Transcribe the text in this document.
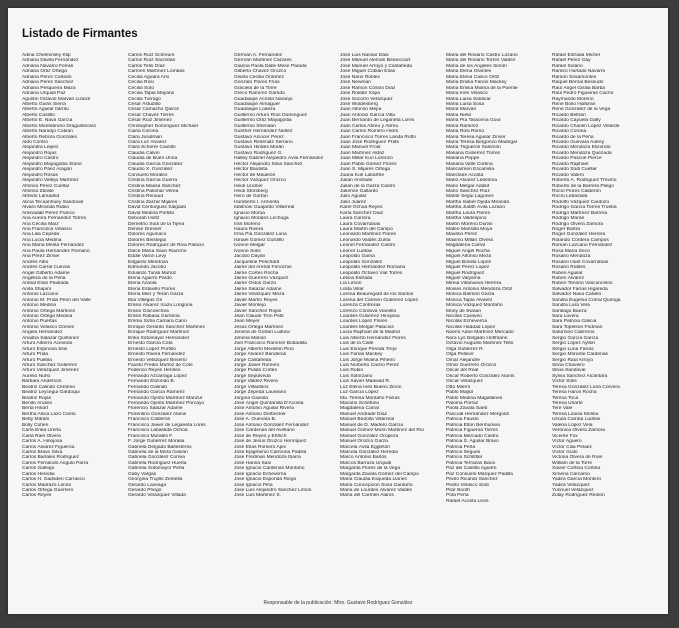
Listado de Firmantes
Adina Chelminsky Klip
Adriana Dávila Fernández
Adriana Navarro Ferrari
Adriana Ortiz Ortega
Adriana Pérez Cañedo
Adriana Pérez Sánchez
Adriana Pesqueira Maza
Adriana Urquidi Paz
Agustín Octavio Marván Lizardi
Alberto Guiris Sierra
Alberto Aguilar Ilarritu
Alberto Castillo
Alberto E. Nava García
Alberto Montebruno Dragustinovis
Alberto Naranjo Cobián
Alberto Rebora Gonzáles
Aldo Contró
Alejandra Leipez
Alejandro Rojas
Alejandro Castro
Alejandro Mayagoitia Stone
Alejandro Páez Aragón
Alejandro Rosas
Alejandro Vallejo Martínez
Alfonso Pérez Cuéllar
Alfonso Zárate
Alfredo Lamadrid
Alicia Tecuanhuey Sandoval
Alvaro Miranda Rubio
Aminadab Pérez Franco
Ana Aurora Fernández Torres
Ana Cecilia Maíz
Ana Francisca Velasco
Ana Lilia Cepeda
Ana Lucía Medina
Ana María Mesta Fernández
Ana Paula Hernández Romano
Ana Pérez Zinser
Andrés Albo
Andrés Carral Cuevas
Ángel Gilberto Adame
Angélica de la Peña
Aníbal Elías Paullada
Anita Shapiro
Antonio Lazcano
Antonio M. Prida Peón del Valle
Antonio Medina
Antonio Ortega Martínez
Antonio Ortega Medina
Antonio Puertas
Antonio Velasco Gómez
Ángela Hernández
Ariadna Salazar Quiñónez
Arturo Alberro Acevedo
Arturo Espinosa Silis
Arturo Prida
Arturo Puebla
Arturo Sánchez Gutiérrez
Arturo Velázquez Jiménez
Aurelio Nuño
Bárbara Anderson
Beatriz Calindo Centeno
Beatriz Leycegui Gardoqui
Beatriz Rojas
Benito Andión
Berta Hiriart
Bertha Alicia Lazo Cantú
Betty Mitrahi
Bolly Cohen
Carla Erika Ureña
Carla Rael Olvera
Carlos A. Hinojosa
Carlos Álvarez Figueroa
Carlos Bravo Silva
Carlos Bañales Rodríguez
Carlos Fernando Angulo Parra
Carlos Gallego
Carlos Heredia
Carlos H. Gadsden Carrasco
Carlos Madrazo Limón
Carlos Ortega Guerrero
Carlos Reyes
Carlos Ruíz Schreurs
Carlos Ruíz Sacristán
Carlos Tello Díaz
Carmen Martínez Lombás
Cecilia Aguara Arsi
Cecilia Rosi
Cecilia Soto
Cecilia Tapia Mayans
Cecilia Turrago
César Astudillo
César Camacho Quiroz
César Chávez Torres
César Ruiz Jiménez
Christopher Domínguez Michael
Ciana Corona
Clara Jusidman
Clara Luz Álvarez
Clara Scherer Castillo
Claudia Calvin
Claudia de Buen Unna
Claudia García González
Claudio X. González
Consuelo Morales
Cristina García Guerra
Cristina Massa Sánchez
Cristina Palomar Verea
Cristina Renaud
Cristina Zarzar Mijares
David Centurguss Salgado
David Medina Portillo
Deborah Holtz
Demetrio Sodi de la Tijera
Denise Dresser
Dolores Aguinaco
Dolores Beistegui
Dolores Rodríguez de Riva Palacio
Dulce María Sauri Riancho
Eddie Varon Levy
Edgardo Mendoza
Edmundo Jacobo
Eduardo Turati Muñoz
Elena Aguirre Pardo
Elena Azaola
Elena Estavillo Flores
Elena Mier y Terán Garza
Elia Villegas Gil
Emilio Álvarez Icaza Longoria
Emilio Goicoechea
Emilio Rabasa Gamboa
Emma Sofía Camara Cano
Enrique Gerardo Sánchez Martínez
Enrique Rodríguez Martínez
Erika Sotomayor Hernández
Ernesto García Cota
Ernesto López Portillo
Ernesto Rivera Fernández
Ernesto Velázquez Briseño
Fausto Fredin Muñoz de Cote
Federico Reyes Heroles
Fernando Azcárraga López
Fernando Elizondo B.
Fernando Galindo
Fernando García Ramírez
Fernando Ojesto Martínez Manzur
Fernando Ojesto Martínez Porcayo
Florencio Salazar Adame
Florentino Gonzalez Alanis
Francisco Calderón
Francisco Javier de Leganeta Lores
Francisco Labastida Ochoa
Francisco Morales F.
F. Jorge Gutiérrez Moralia
Gabriela Delgado Ballesteros
Gabriela de la Mora Galván
Gabriela González Correa
Gabriela Rodríguez Huerta
Gabriela Sotomayor Peña
Gaby Vargas
Georgina Trujillo Zentella
Gerardo Laveaga
Gerardo Priego
Gerardo Velázquez Villada
Germán A. Fernández
Germán Martínez Cázares
Gianna Paola Dalle Mese Parada
Gilberto Chavez Orozco
Gisela Cecilia Ordoñez
Gonzalo Flores Frías
Graciela de la Torre
Greco Ramírez Garrido
Guadalupe Acosta Naranjo
Guadalupe Almaguer
Guadalupe Loaeza
Guillermo Arturo Ríos Domínguez
Guillermo Ortiz Mayagoitia
Guillermo Sheridan
Gunther Hernández Núñez
Gustavo Alcocer Pérez
Gustavo Reséndiz Serrano
Gustavo Hirales Morán
Gustavo Rodríguez G.
Halley Gabriel Alejandro Ávila Fernández
Héctor Alejandro Silva Sánchez
Héctor Bautista
Héctor de Mauleón
Héctor Vázquez Orozco
Heidi Lindner
Heidi Storsberg
Hero de Gortari
Humberto I. Armenta
Idalmoni Guajardo Villarreal
Ignacio Morúa
Ignacio Morales Lechuga
Irán Moreno
Isaura Rivera
Irma Pía González Luna
Ismael Gómez Gordillo
Ivonne Melgar
Ivonne Solis
Jacobo Dayán
Jacqueline Peschard
Jaime del Arenal Fenochio
Jaime Cortés Rocha
Jaime Guerrero Vázquez
Jaime Ostos Garza
Jaime Salazar Adame
Jaime Velázquez Meza
Javier Martín Reyes
Javier Montejo
Javier Sánchez Rojas
Jean Claude Tron Petit
Jean Meyer
Jesús Ortega Martínez
Jimena de Gortari Ludlow
Jimena Manón
Joel Francisco Ramírez Bobadilla
Jorge Alberto Medellín Pino
Jorge Álvarez Banderas
Jorge Castañeda
Jorge Javier Romero
Jorge Pulido Cortés
Jorge Sepúlveda
Jorge Valdez Rivera
Jorge Villalobos
Jorge Zepeda Laureano
Jorgina Gaxiola
José Ángel Quintanilla D'Acosta
José Antonio Aguilar Rivera
José Antonio Dorbecker
José A. Guevara B.
José Antonio González Fernández
José Cárdenas del Avellano
José de Reyes y Ehrlich
José de Jesús Orozco Henríquez
José Elías Romero Apis
José Epigmenio Carmona Padilla
José Fredman Mendoza Ibarra
José Hanna Sasi
José Ignacio Cárdenas Montaño
José Ignacio Echeverria
José Ignacio Esponda Riego
José Ignacio Piña
José Luis Alejandro Sánchez Limón
José Luis Martínez S.
José Luis Nassar Daw
José Manuel Alemán Betancourt
José Manuel Arroyo y Castañeda
José Miguel Cobián Elías
José Nario Robles
José Newman
José Ramón Cossío Díaz
José Roldán Xopa
José Socorro Velázquez
José Woldenberg
Juan Alfonso Mejía
Juan Antonio García Villa
Juan Bernardo de Leganeta Lores
Juan Carlos Abreu y Abreu
Juan Carlos Romero Hicks
Juan Francisco Torres Landa Ruffo
Juan José Rodríguez Prats
Juan Manuel Frodi
Juan Martínez Aldaz
Juan Millar Kuri Lorenzo
Juan Pablo Gómez Flores
Juan S. Mijares Ortega
Juana Kuri Labarthe
Julián Andrade
Julián de la Garza Castro
Julienne Gallardo
Julio Aguilar
Julio Juárez
Karel Ochoa Reyes
Karla Sánchez Díaz
Laura Carrera
Laura Covarrubias
Laura Martín del Campo
Leonardo Martínez Flores
Leonardo Valdés Zurita
Leonel Fernández Castro
Leonor Ludlow
Leopoldo Gama
Leopoldo González
Leopoldo Hernández Romano
Leopoldo Octavio Vial Torres
Leticia Estrada
Lía Limón
Lolita Villar
Lorena Beauregard de los Santos
Lorena del Carmen Gutiérrez López
Lorenza Contreras
Lorenzo Córdova Vianello
Lourdes Gutiérrez Hinojosa
Lourdes López Flores
Lourdes Melgar Palacios
Lucía Raphael de la Madrid
Luis Alberto Hernández Flores
Luis de la Calle
Luis Enrique Pereda Trejo
Luis Farías Mackey
Luis Jorge Molina Piñeiro
Luis Norberto Cacho Pérez
Luis Rubio
Luis Solórzano
Luis Xavier Maawad R.
Luz Elena Inés Bueno Zirión
Luz García López
Ma. Teresa Montaño Farías
Macario Schettino
Magdalena Carral
Manuel Andrade Díaz
Manuel Bedolla Villarreal
Manuel de D. Madero García
Manuel Gómez Morin Martínez del Río
Manuel González Oropeza
Manuel Orozco Garza
Marcela Ávila Eggleton
Marcela González Heredia
Marco Antonio Baños
Marcos Barraza Urquidi
Margarita Flores de la Vega
Margarita Zavala Gómez del Campo
María Claudia Esqueda Llanes
María Concepción Sosa Garduño
María de Lourdes Álvarez Valdés
María del Carmen Alanís
María del Rosario Castro Lozano
María del Rosario Torres Valdéz
María de los Angeles Simón
María Elena Orantes
María Elena Casco Ortiz
María Emilia Farías Mackey
María Emilia Molina de la Puente
María Inés Velasco
María Luisa Saldívar
María Luisa Sosa
María Marván
María Nieto
María Pía Taracena Gout
María Ramírez
María Rosi Romo
María Teresa Aguilar Zinser
María Teresa Bergonzo Madrigal
María Trigueros Salomón
Mariana Gutiérrez Torres
Mariana Peppe
Mariana Valle Cortina
Maricarmen Escamilla
Mariclaire Acosta
Mario Alvarez Ledesma
Mario Melgar Adalid
Mario Sánchez Ruiz
Marité Segui Lagunes
Martha Isabel Ojeda Miranda
Martha Judith Ávila Lozano
Martha Laura Flores
Martha Valdespino
Martín Moreno Durán
Mateo Mansilla Moya
Maurilio Pérez
Maximo Millán Olvera
Magdalena Carral
Miguel Ángel Rocha
Miguel Alfonso Meza
Miguel Bonilla López
Miguel Pérez López
Miguel Rodríguez
Miguel Valyama
Mireia Villanueva Herrera
Moisés Antonio Mendoza Ortiz
Mónica Balmori Garza
Mónica Tapia Álvarez
Mónica Vázquez Montaño
Mony de Swaan
Nicolás Caraveo
Nicolás Echeverría
Nicolás Haddad López
Noemí Adoe Martínez Mercado
Nora Lys Delgado Hoffmann
Octavio Augusto Martínez Tello
Olga Gutiérrez R.
Olga Pellicer
Omar Alejandre
Omar Guerrero Orozco
Oscar del Real
Oscar Roberto González Alanís
Óscar Velázquez
Otto Mierrs
Pablo Majluf
Pablo Medina Magallanes
Paloma Porraz
Paola Zavala Saeb
Pascual Hernández Mergoldi
Patricia Fausto
Patricia Elton Benhumea
Patricia Figueroa Torres
Patricia Mercado Castro
Patricia S. Aguilar Bravo
Patricia Peña
Patricio Segues
Patricio Schlittler
Patricia Terrazas Baca
Paz del Castillo Aguirre
Paz Consuelo Márquez Padilla
Pedro Ricardo Sánchez
Pedro Velasco Sodi
Pilar Booth
Pola Peña
Rafael Acosta León
Rafael Estrada Michel
Rafael Pérez Gay
Rafael Solano
Ramiro Hurtado Navarro
Ramón Sosamontes
Raquel Bernal Bessudo
Raúl Ángel Gisilia Barba
Raúl Pedro Figueiras Cacho
Raymundo Moreno
René Bolio Halloran
René González de la Vega
Ricardo Beltrán
Ricardo Cayuela Gally
Ricardo Chaolin López Velarde
Ricardo Corona
Ricardo de la Peña
Ricardo Guevara Autrey
Ricardo Mendoza Elizondo
Ricardo Mendoza Quezada
Ricardo Pascoe Pierce
Ricardo Raphael
Ricardo Sodi Cuellar
Ricardo Valero
Roberto A. Rodríguez Treviño
Roberto de la Barrera Pliego
Rocío Flores Calderón
Rocío Lebastida
Rodolfo Vázquez Cardozo
Rodrigo García Torres Trueba
Rodrigo Martínez Barrera
Rodrigo Morán
Rodrigo Olvera Zamora
Roger Bartra
Roger González Herrera
Rolando Cordera Campos
Román Lazcano Fernández
Rosa María Seco
Rosario Mendoza
Rosario Huet Covarrubias
Rosario Robles
Rubén Aguilar
Rubén Álvarez
Rubén Tenorio Vasconcelos
Salvador Farías Higareda
Salvador Nava Calvillo
Sandra Eugenia Corral Quiroga
Sandra Lara Vela
Santiago Baeza
Sara Lovera
Sara Patricia Galicia
Sara Topelson Fridman
Saturnino Cabreros
Sergio García García
Sergio López Ayllón
Sergio Luna Farías
Sergio Morante Cárdenas
Sergio Raúl Arroyo
Silvia Chaveiro
Silvia Sandoval
Sylvia Sánchez Alcántara
Víctor Sólis
Teresa González Luna Corvera
Teresa Haros Rocha
Teresa Toca
Teresa Uriarte
Tere Vale
Teresa Louisa Molina
Ursula Camba Ludlow
Valeria López Vela
Verónica Olvera Zamora
Vicente Fox
Víctor Aguero
Víctor Cilia Pelaez
Víctor Guilo
Victoria Olvera de Roel
William de la Torre
Xavier Cortina Cortina
Ximena Cárcamo
Yadira García Montero
Yadira Velázquez
Yunnuel Velázquez
Zulay Rodríguez Reolón
Responsable de la publicación: Mtro. Gustavo Rodríguez González
